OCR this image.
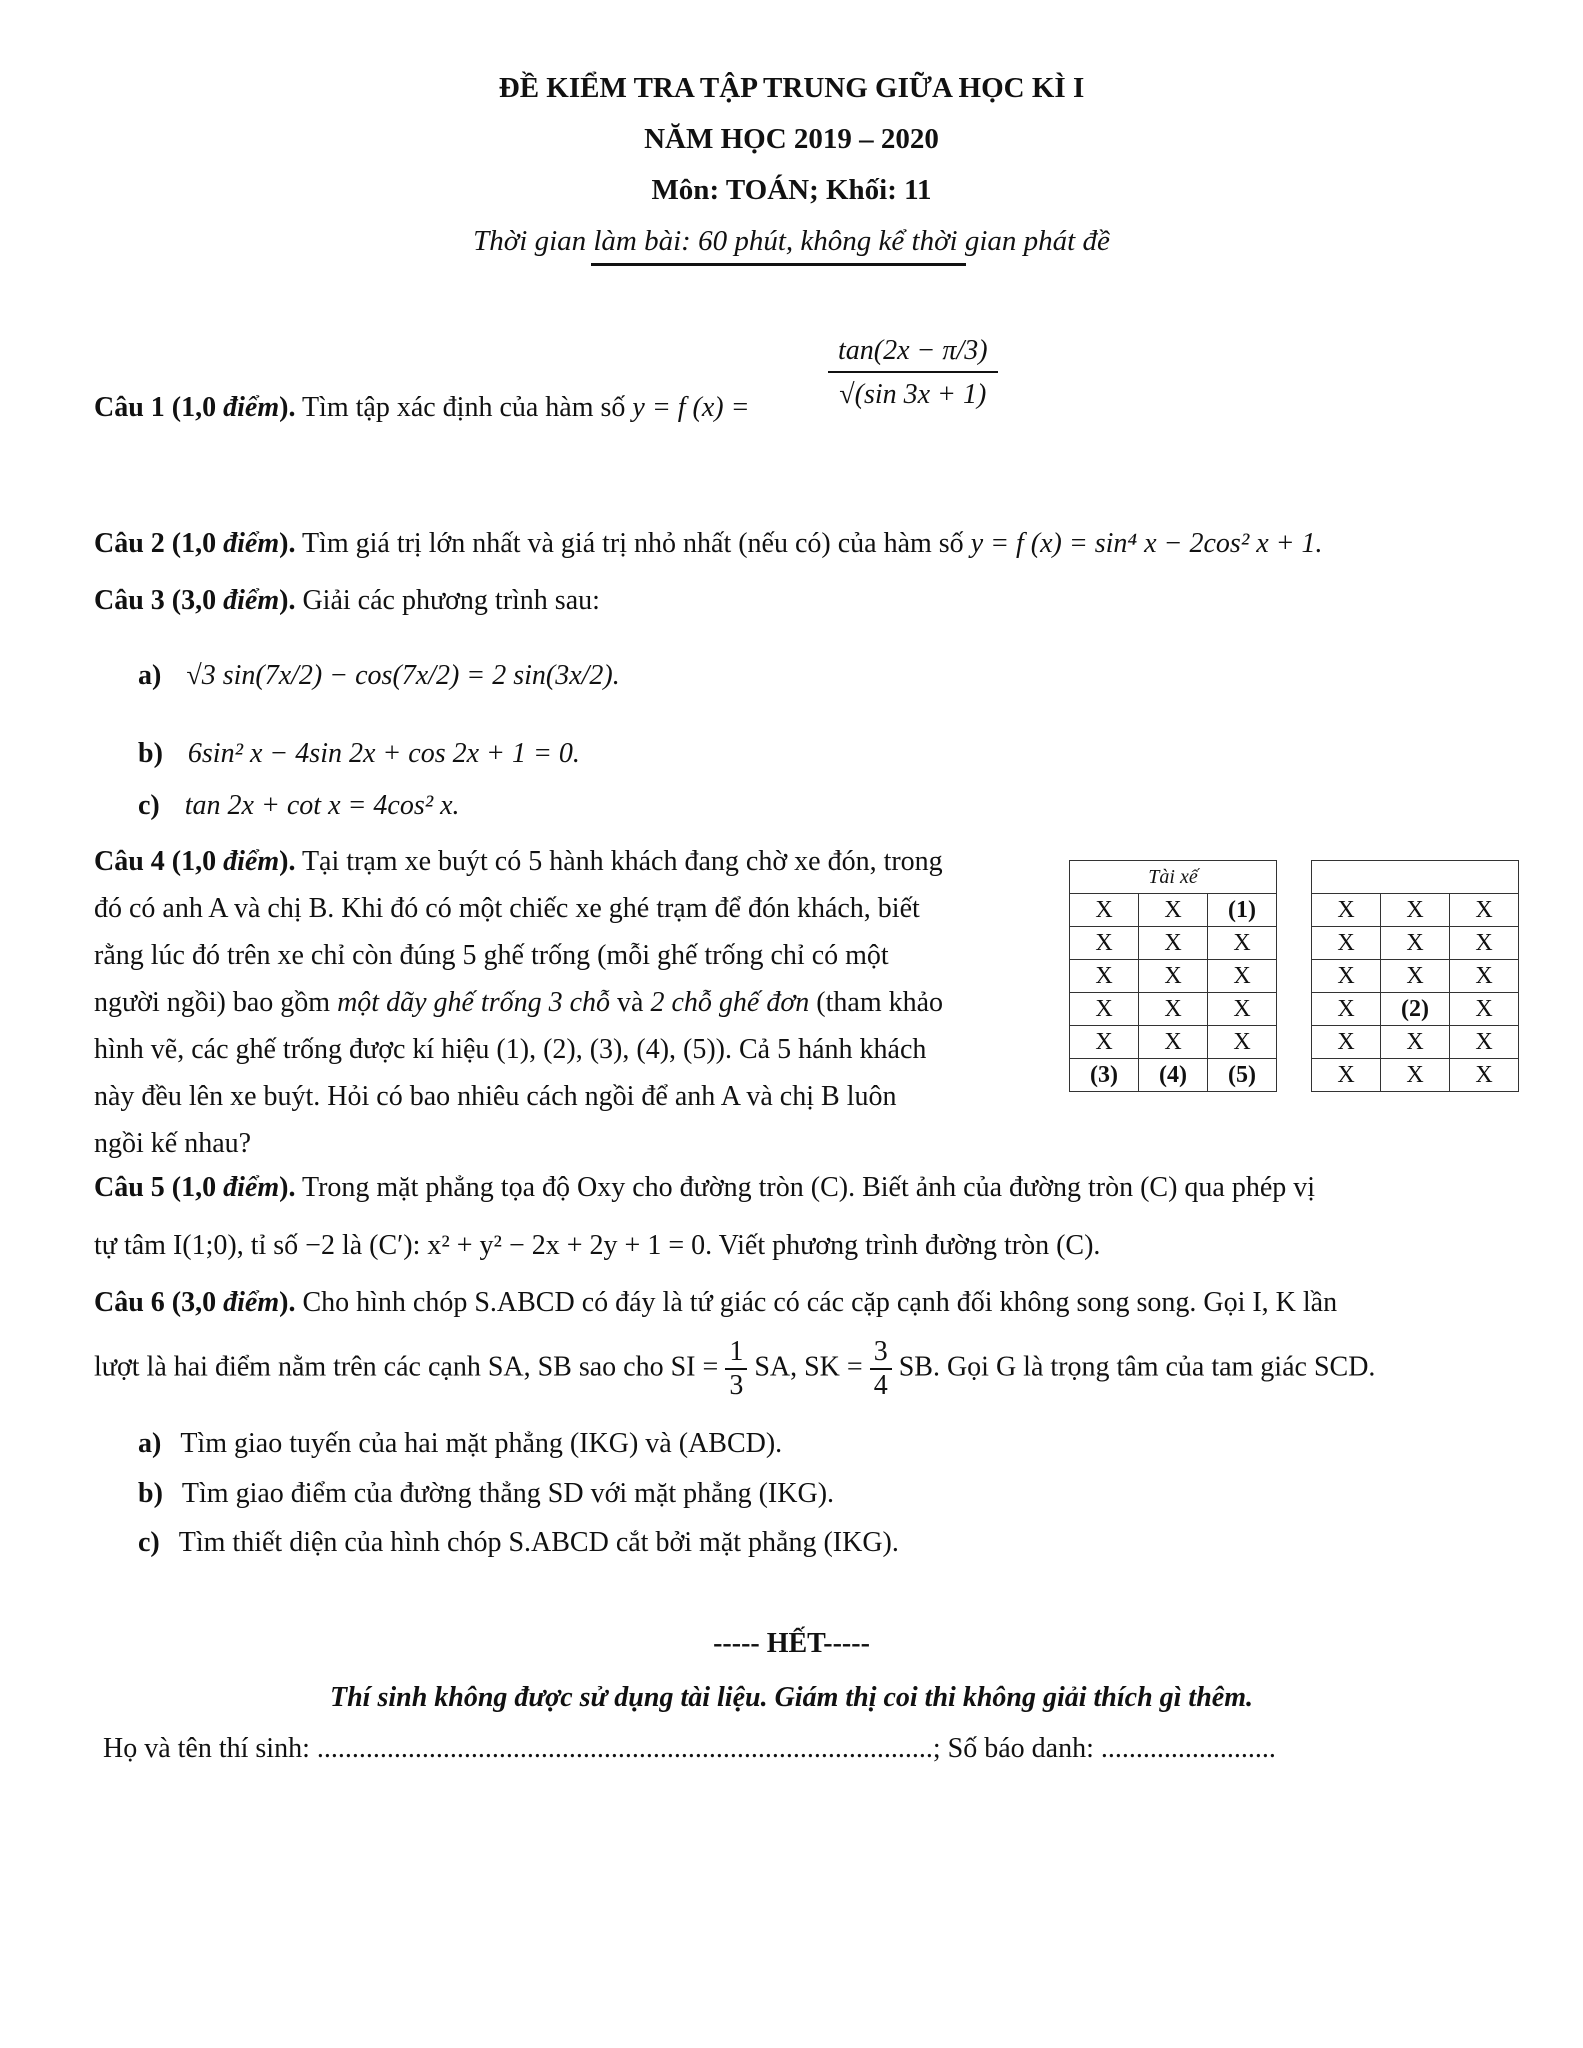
ĐỀ KIỂM TRA TẬP TRUNG GIỮA HỌC KÌ I
NĂM HỌC 2019 – 2020
Môn: TOÁN; Khối: 11
Thời gian làm bài: 60 phút, không kể thời gian phát đề
Câu 1 (1,0 điểm). Tìm tập xác định của hàm số y = f (x) =	$\frac{\tan(2x - \pi/3)}{√(\sin 3x + 1)}$
Câu 2 (1,0 điểm). Tìm giá trị lớn nhất và giá trị nhỏ nhất (nếu có) của hàm số y = f (x) = sin⁴ x − 2cos² x + 1.
Câu 3 (3,0 điểm). Giải các phương trình sau:
a) √3 sin(7x/2) − cos(7x/2) = 2 sin(3x/2).
b) 6sin² x − 4sin 2x + cos 2x + 1 = 0.
c) tan 2x + cot x = 4cos² x.
Câu 4 (1,0 điểm). Tại trạm xe buýt có 5 hành khách đang chờ xe đón, trong
đó có anh A và chị B. Khi đó có một chiếc xe ghé trạm để đón khách, biết
rằng lúc đó trên xe chỉ còn đúng 5 ghế trống (mỗi ghế trống chỉ có một
người ngồi) bao gồm một dãy ghế trống 3 chỗ và 2 chỗ ghế đơn (tham khảo
hình vẽ, các ghế trống được kí hiệu (1), (2), (3), (4), (5)). Cả 5 hánh khách
này đều lên xe buýt. Hỏi có bao nhiêu cách ngồi để anh A và chị B luôn
ngồi kế nhau?
Tài xế						
X	X	(1)		X	X	X
X	X	X		X	X	X
X	X	X		X	X	X
X	X	X		X	(2)	X
X	X	X		X	X	X
(3)	(4)	(5)		X	X	X
Câu 5 (1,0 điểm). Trong mặt phẳng tọa độ Oxy cho đường tròn (C). Biết ảnh của đường tròn (C) qua phép vị
tự tâm I(1;0), tỉ số −2 là (C′): x² + y² − 2x + 2y + 1 = 0. Viết phương trình đường tròn (C).
Câu 6 (3,0 điểm). Cho hình chóp S.ABCD có đáy là tứ giác có các cặp cạnh đối không song song. Gọi I, K lần
lượt là hai điểm nằm trên các cạnh SA, SB sao cho SI = $\frac{1}{3}$ SA, SK = $\frac{3}{4}$ SB. Gọi G là trọng tâm của tam giác SCD.
a) Tìm giao tuyến của hai mặt phẳng (IKG) và (ABCD).
b) Tìm giao điểm của đường thẳng SD với mặt phẳng (IKG).
c) Tìm thiết diện của hình chóp S.ABCD cắt bởi mặt phẳng (IKG).
----- HẾT-----
Thí sinh không được sử dụng tài liệu. Giám thị coi thi không giải thích gì thêm.
Họ và tên thí sinh: ........................................................................................; Số báo danh: .........................
